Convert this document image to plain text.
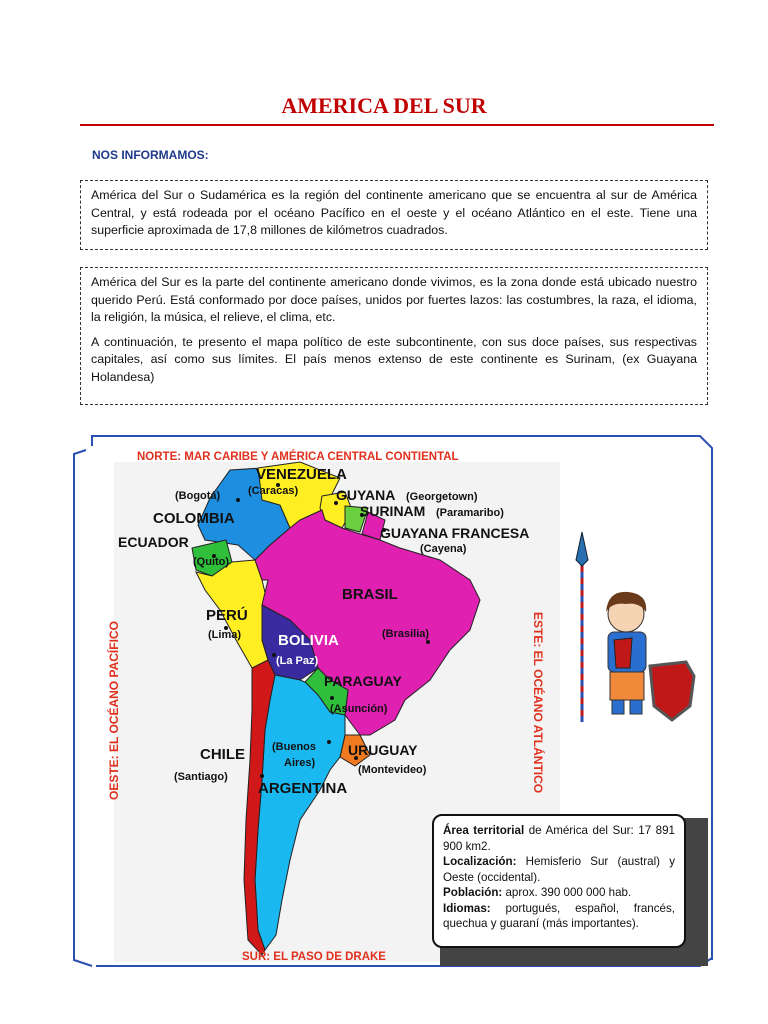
AMERICA DEL SUR
NOS INFORMAMOS:

América del Sur o Sudamérica es la región del continente americano que se encuentra al sur de América Central, y está rodeada por el océano Pacífico en el oeste y el océano Atlántico en el este. Tiene una superficie aproximada de 17,8 millones de kilómetros cuadrados.

América del Sur es la parte del continente americano donde vivimos, es la zona donde está ubicado nuestro querido Perú. Está conformado por doce países, unidos por fuertes lazos: las costumbres, la raza, el idioma, la religión, la música, el relieve, el clima, etc.

A continuación, te presento el mapa político de este subcontinente, con sus doce países, sus respectivas capitales, así como sus límites. El país menos extenso de este continente es Surinam, (ex Guayana Holandesa)

NORTE: MAR CARIBE Y AMÉRICA CENTRAL CONTIENTAL
SUR: EL PASO DE DRAKE
OESTE: EL OCÉANO PACÍFICO	ESTE: EL OCÉANO ATLÁNTICO
VENEZUELA
(Caracas)
(Bogotá)	GUYANA (Georgetown)
SURINAM (Paramaribo)
COLOMBIA
GUAYANA FRANCESA
(Cayena)
ECUADOR
(Quito)
BRASIL
PERÚ
(Lima) BOLIVIA	(Brasilia)
(La Paz)
PARAGUAY
(Asunción)
(Buenos
Aires)
CHILE	URUGUAY
(Santiago)
(Montevideo)
ARGENTINA
Área territorial de América del Sur: 17 891 900 km2.
Localización: Hemisferio Sur (austral) y Oeste (occidental).
Población: aprox. 390 000 000 hab.
Idiomas: portugués, español, francés, quechua y guaraní (más importantes).
